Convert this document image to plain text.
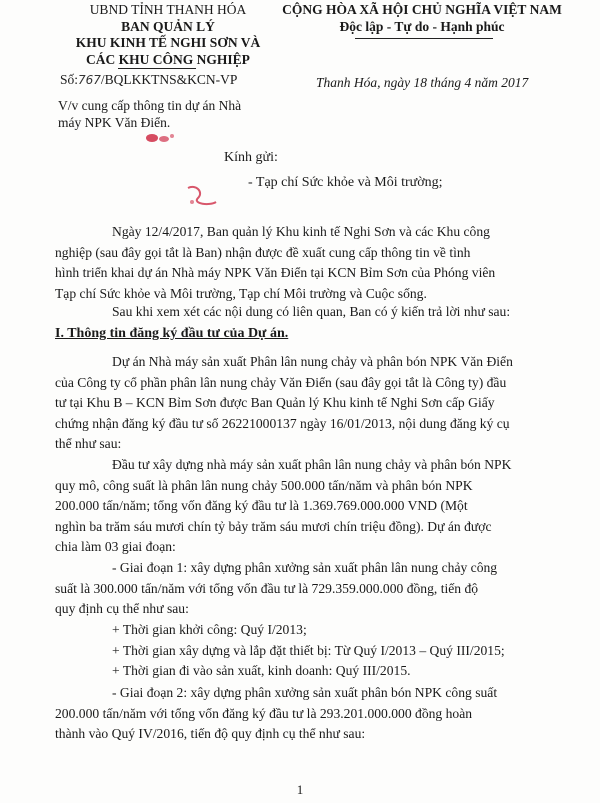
UBND TỈNH THANH HÓA
BAN QUẢN LÝ
KHU KINH TẾ NGHI SƠN VÀ
CÁC KHU CÔNG NGHIỆP
CỘNG HÒA XÃ HỘI CHỦ NGHĨA VIỆT NAM
Độc lập - Tự do - Hạnh phúc
Số:767/BQLKKTNS&KCN-VP	Thanh Hóa, ngày 18 tháng 4 năm 2017
V/v cung cấp thông tin dự án Nhà
máy NPK Văn Điển.
Kính gửi:
- Tạp chí Sức khỏe và Môi trường;
Ngày 12/4/2017, Ban quản lý Khu kinh tế Nghi Sơn và các Khu công
nghiệp (sau đây gọi tắt là Ban) nhận được đề xuất cung cấp thông tin về tình
hình triển khai dự án Nhà máy NPK Văn Điển tại KCN Bỉm Sơn của Phóng viên
Tạp chí Sức khỏe và Môi trường, Tạp chí Môi trường và Cuộc sống.
Sau khi xem xét các nội dung có liên quan, Ban có ý kiến trả lời như sau:
I. Thông tin đăng ký đầu tư của Dự án.
Dự án Nhà máy sản xuất Phân lân nung chảy và phân bón NPK Văn Điển
của Công ty cổ phần phân lân nung chảy Văn Điển (sau đây gọi tắt là Công ty) đầu
tư tại Khu B – KCN Bỉm Sơn được Ban Quản lý Khu kinh tế Nghi Sơn cấp Giấy
chứng nhận đăng ký đầu tư số 26221000137 ngày 16/01/2013, nội dung đăng ký cụ
thể như sau:
Đầu tư xây dựng nhà máy sản xuất phân lân nung chảy và phân bón NPK
quy mô, công suất là phân lân nung chảy 500.000 tấn/năm và phân bón NPK
200.000 tấn/năm; tổng vốn đăng ký đầu tư là 1.369.769.000.000 VND (Một
nghìn ba trăm sáu mươi chín tỷ bảy trăm sáu mươi chín triệu đồng). Dự án được
chia làm 03 giai đoạn:
- Giai đoạn 1: xây dựng phân xưởng sản xuất phân lân nung chảy công
suất là 300.000 tấn/năm với tổng vốn đầu tư là 729.359.000.000 đồng, tiến độ
quy định cụ thể như sau:
+ Thời gian khởi công: Quý I/2013;
+ Thời gian xây dựng và lắp đặt thiết bị: Từ Quý I/2013 – Quý III/2015;
+ Thời gian đi vào sản xuất, kinh doanh: Quý III/2015.
- Giai đoạn 2: xây dựng phân xưởng sản xuất phân bón NPK công suất
200.000 tấn/năm với tổng vốn đăng ký đầu tư là 293.201.000.000 đồng hoàn
thành vào Quý IV/2016, tiến độ quy định cụ thể như sau:
1
